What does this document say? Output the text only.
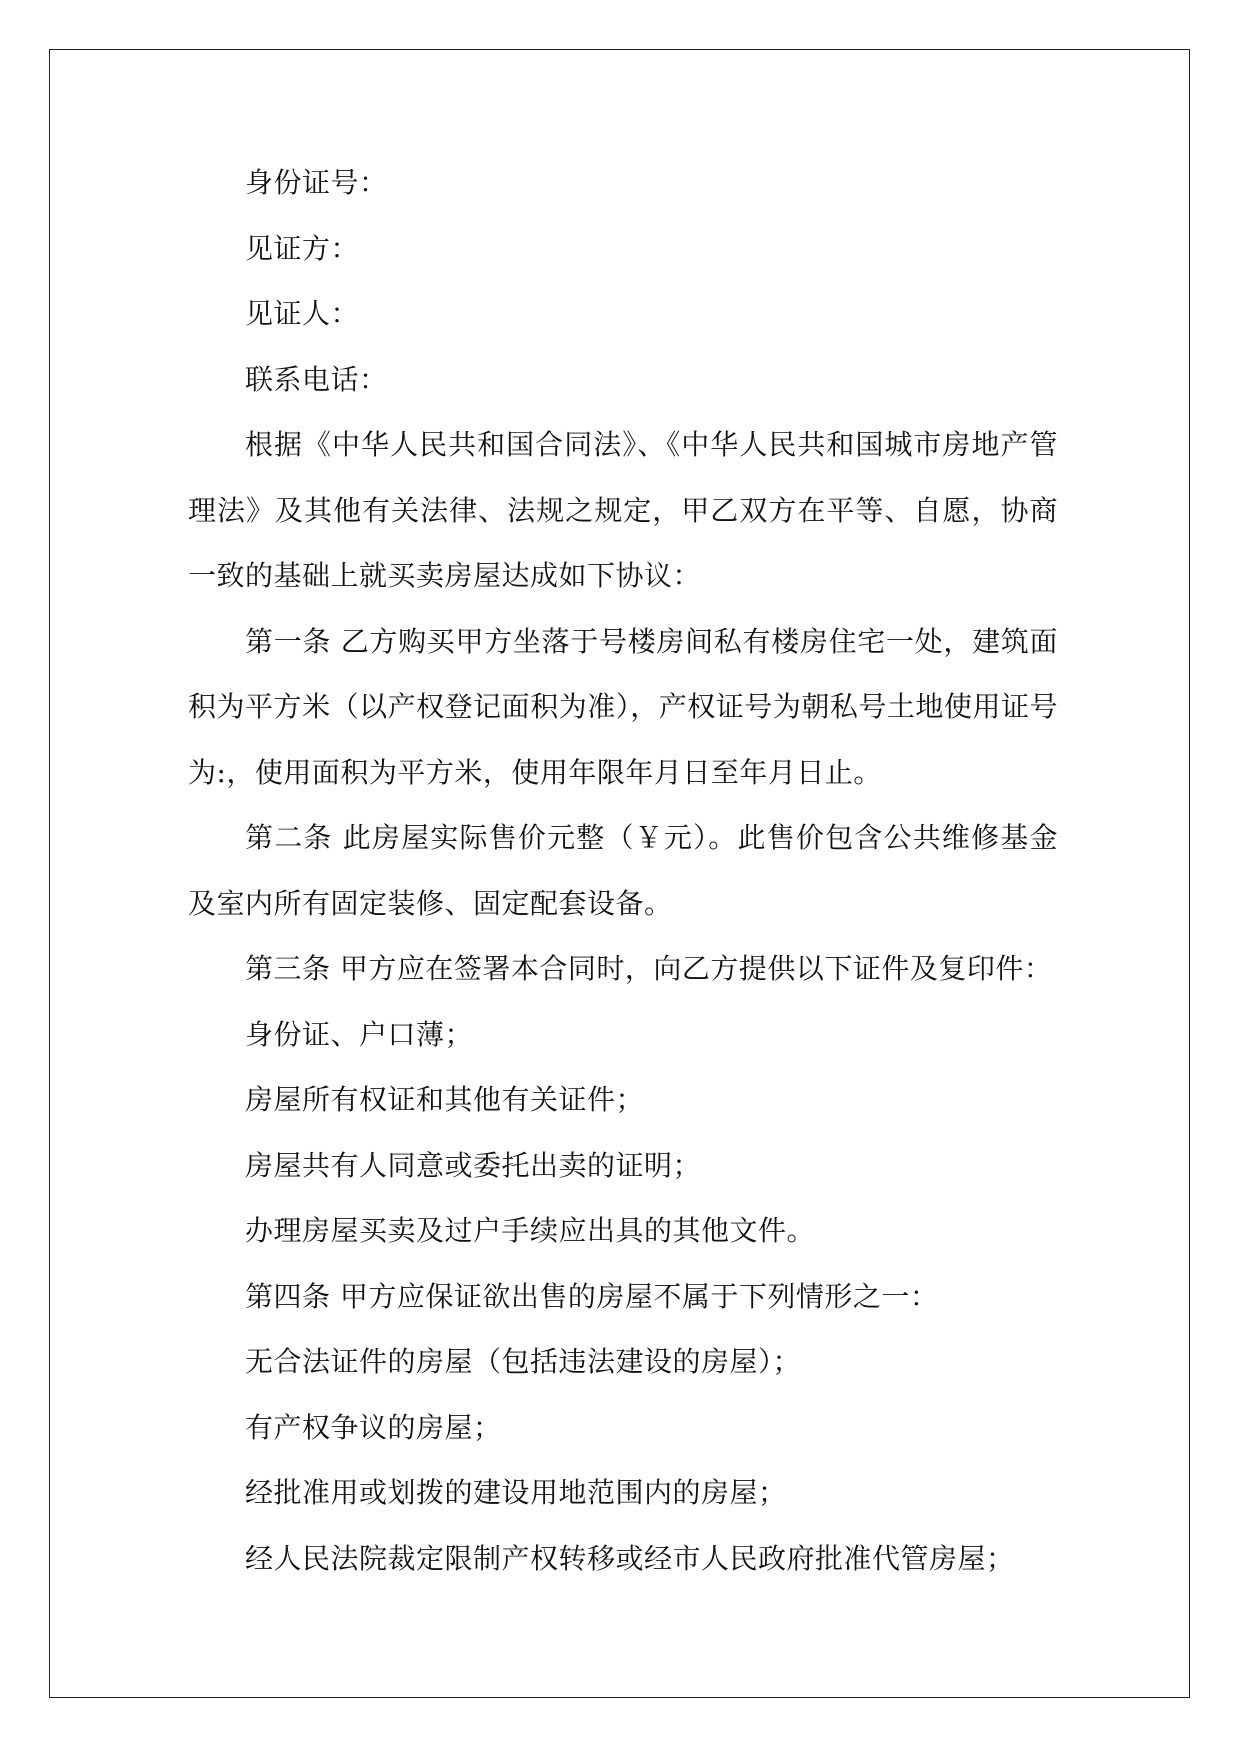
身份证号：

见证方：

见证人：

联系电话：

根据《中华人民共和国合同法》、《中华人民共和国城市房地产管理法》及其他有关法律、法规之规定，甲乙双方在平等、自愿，协商一致的基础上就买卖房屋达成如下协议：

第一条 乙方购买甲方坐落于号楼房间私有楼房住宅一处，建筑面积为平方米（以产权登记面积为准），产权证号为朝私号土地使用证号为:，使用面积为平方米，使用年限年月日至年月日止。

第二条 此房屋实际售价元整（￥元）。此售价包含公共维修基金及室内所有固定装修、固定配套设备。

第三条 甲方应在签署本合同时，向乙方提供以下证件及复印件：

身份证、户口薄；

房屋所有权证和其他有关证件；

房屋共有人同意或委托出卖的证明；

办理房屋买卖及过户手续应出具的其他文件。

第四条 甲方应保证欲出售的房屋不属于下列情形之一：

无合法证件的房屋（包括违法建设的房屋）；

有产权争议的房屋；

经批准用或划拨的建设用地范围内的房屋；

经人民法院裁定限制产权转移或经市人民政府批准代管房屋；
